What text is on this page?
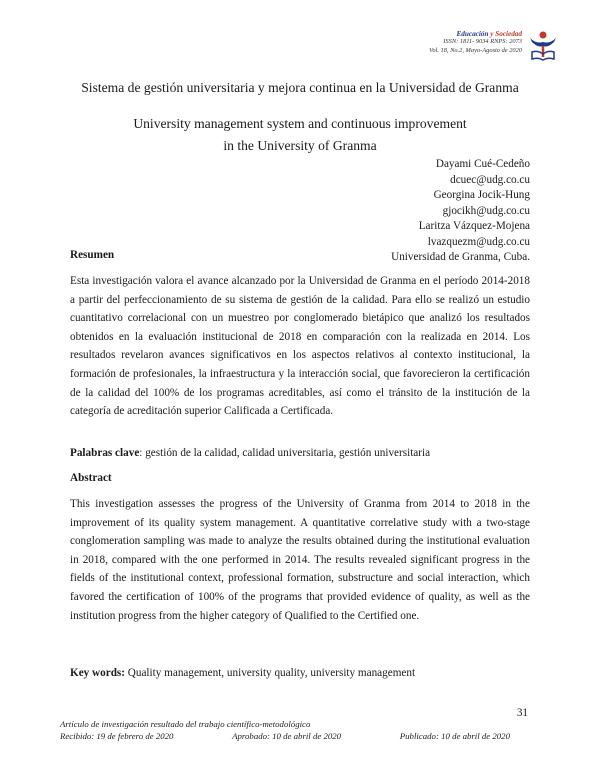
Educación y Sociedad
ISSN: 1811- 9034 RNPS: 2073
Vol. 18, No.2, Mayo-Agosto de 2020
Sistema de gestión universitaria y mejora continua en la Universidad de Granma
University management system and continuous improvement
in the University of Granma
Dayami Cué-Cedeño
dcuec@udg.co.cu
Georgina Jocik-Hung
gjocikh@udg.co.cu
Laritza Vázquez-Mojena
lvazquezm@udg.co.cu
Universidad de Granma, Cuba.
Resumen
Esta investigación valora el avance alcanzado por la Universidad de Granma en el período 2014-2018 a partir del perfeccionamiento de su sistema de gestión de la calidad. Para ello se realizó un estudio cuantitativo correlacional con un muestreo por conglomerado bietápico que analizó los resultados obtenidos en la evaluación institucional de 2018 en comparación con la realizada en 2014. Los resultados revelaron avances significativos en los aspectos relativos al contexto institucional, la formación de profesionales, la infraestructura y la interacción social, que favorecieron la certificación de la calidad del 100% de los programas acreditables, así como el tránsito de la institución de la categoría de acreditación superior Calificada a Certificada.
Palabras clave: gestión de la calidad, calidad universitaria, gestión universitaria
Abstract
This investigation assesses the progress of the University of Granma from 2014 to 2018 in the improvement of its quality system management. A quantitative correlative study with a two-stage conglomeration sampling was made to analyze the results obtained during the institutional evaluation in 2018, compared with the one performed in 2014. The results revealed significant progress in the fields of the institutional context, professional formation, substructure and social interaction, which favored the certification of 100% of the programs that provided evidence of quality, as well as the institution progress from the higher category of Qualified to the Certified one.
Key words: Quality management, university quality, university management
31
Artículo de investigación resultado del trabajo científico-metodológico
Recibido: 19 de febrero de 2020	Aprobado: 10 de abril de 2020	Publicado: 10 de abril de 2020
